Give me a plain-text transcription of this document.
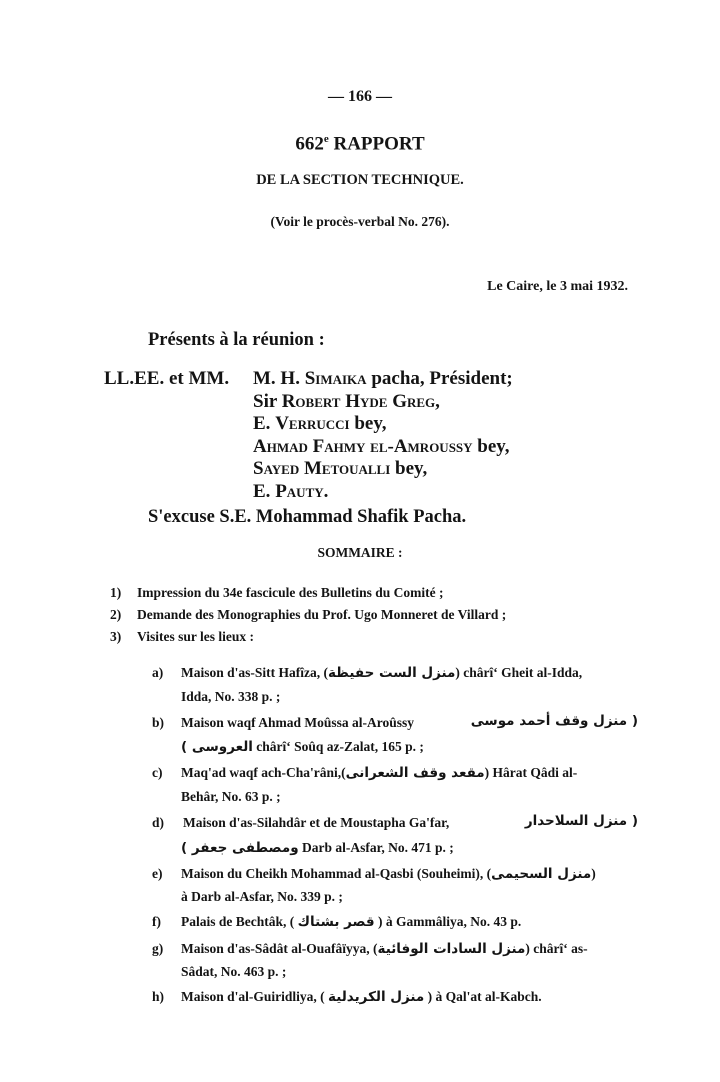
— 166 —
662e RAPPORT
DE LA SECTION TECHNIQUE.
(Voir le procès-verbal No. 276).
Le Caire, le 3 mai 1932.
Présents à la réunion :
LL.EE. et MM. M. H. Simaika pacha, Président;
Sir Robert Hyde Greg,
E. Verrucci bey,
Ahmad Fahmy el-Amroussy bey,
Sayed Metoualli bey,
E. Pauty.
S'excuse S.E. Mohammad Shafik Pacha.
SOMMAIRE :
1) Impression du 34e fascicule des Bulletins du Comité ;
2) Demande des Monographies du Prof. Ugo Monneret de Villard ;
3) Visites sur les lieux :
a) Maison d'as-Sitt Hafîza, (منزل الست حفيظة) chârî‘ Gheit al-Idda,
Idda, No. 338 p. ;
b) Maison waqf Ahmad Moûssa al-Aroûssy	( منزل وقف أحمد موسى
العروسى ) chârî‘ Soûq az-Zalat, 165 p. ;
c) Maq'ad waqf ach-Cha'râni,(مقعد وقف الشعرانى) Hârat Qâdi al-
Behâr, No. 63 p. ;
d) Maison d'as-Silahdâr et de Moustapha Ga'far,	( منزل السلاحدار
ومصطفى جعفر ) Darb al-Asfar, No. 471 p. ;
e) Maison du Cheikh Mohammad al-Qasbi (Souheimi), (منزل السحيمى)
à Darb al-Asfar, No. 339 p. ;
f) Palais de Bechtâk, ( قصر بشتاك ) à Gammâliya, No. 43 p.
g) Maison d'as-Sâdât al-Ouafâïyya, (منزل السادات الوفائية) chârî‘ as-
Sâdat, No. 463 p. ;
h) Maison d'al-Guiridliya, ( منزل الكريدلية ) à Qal'at al-Kabch.
